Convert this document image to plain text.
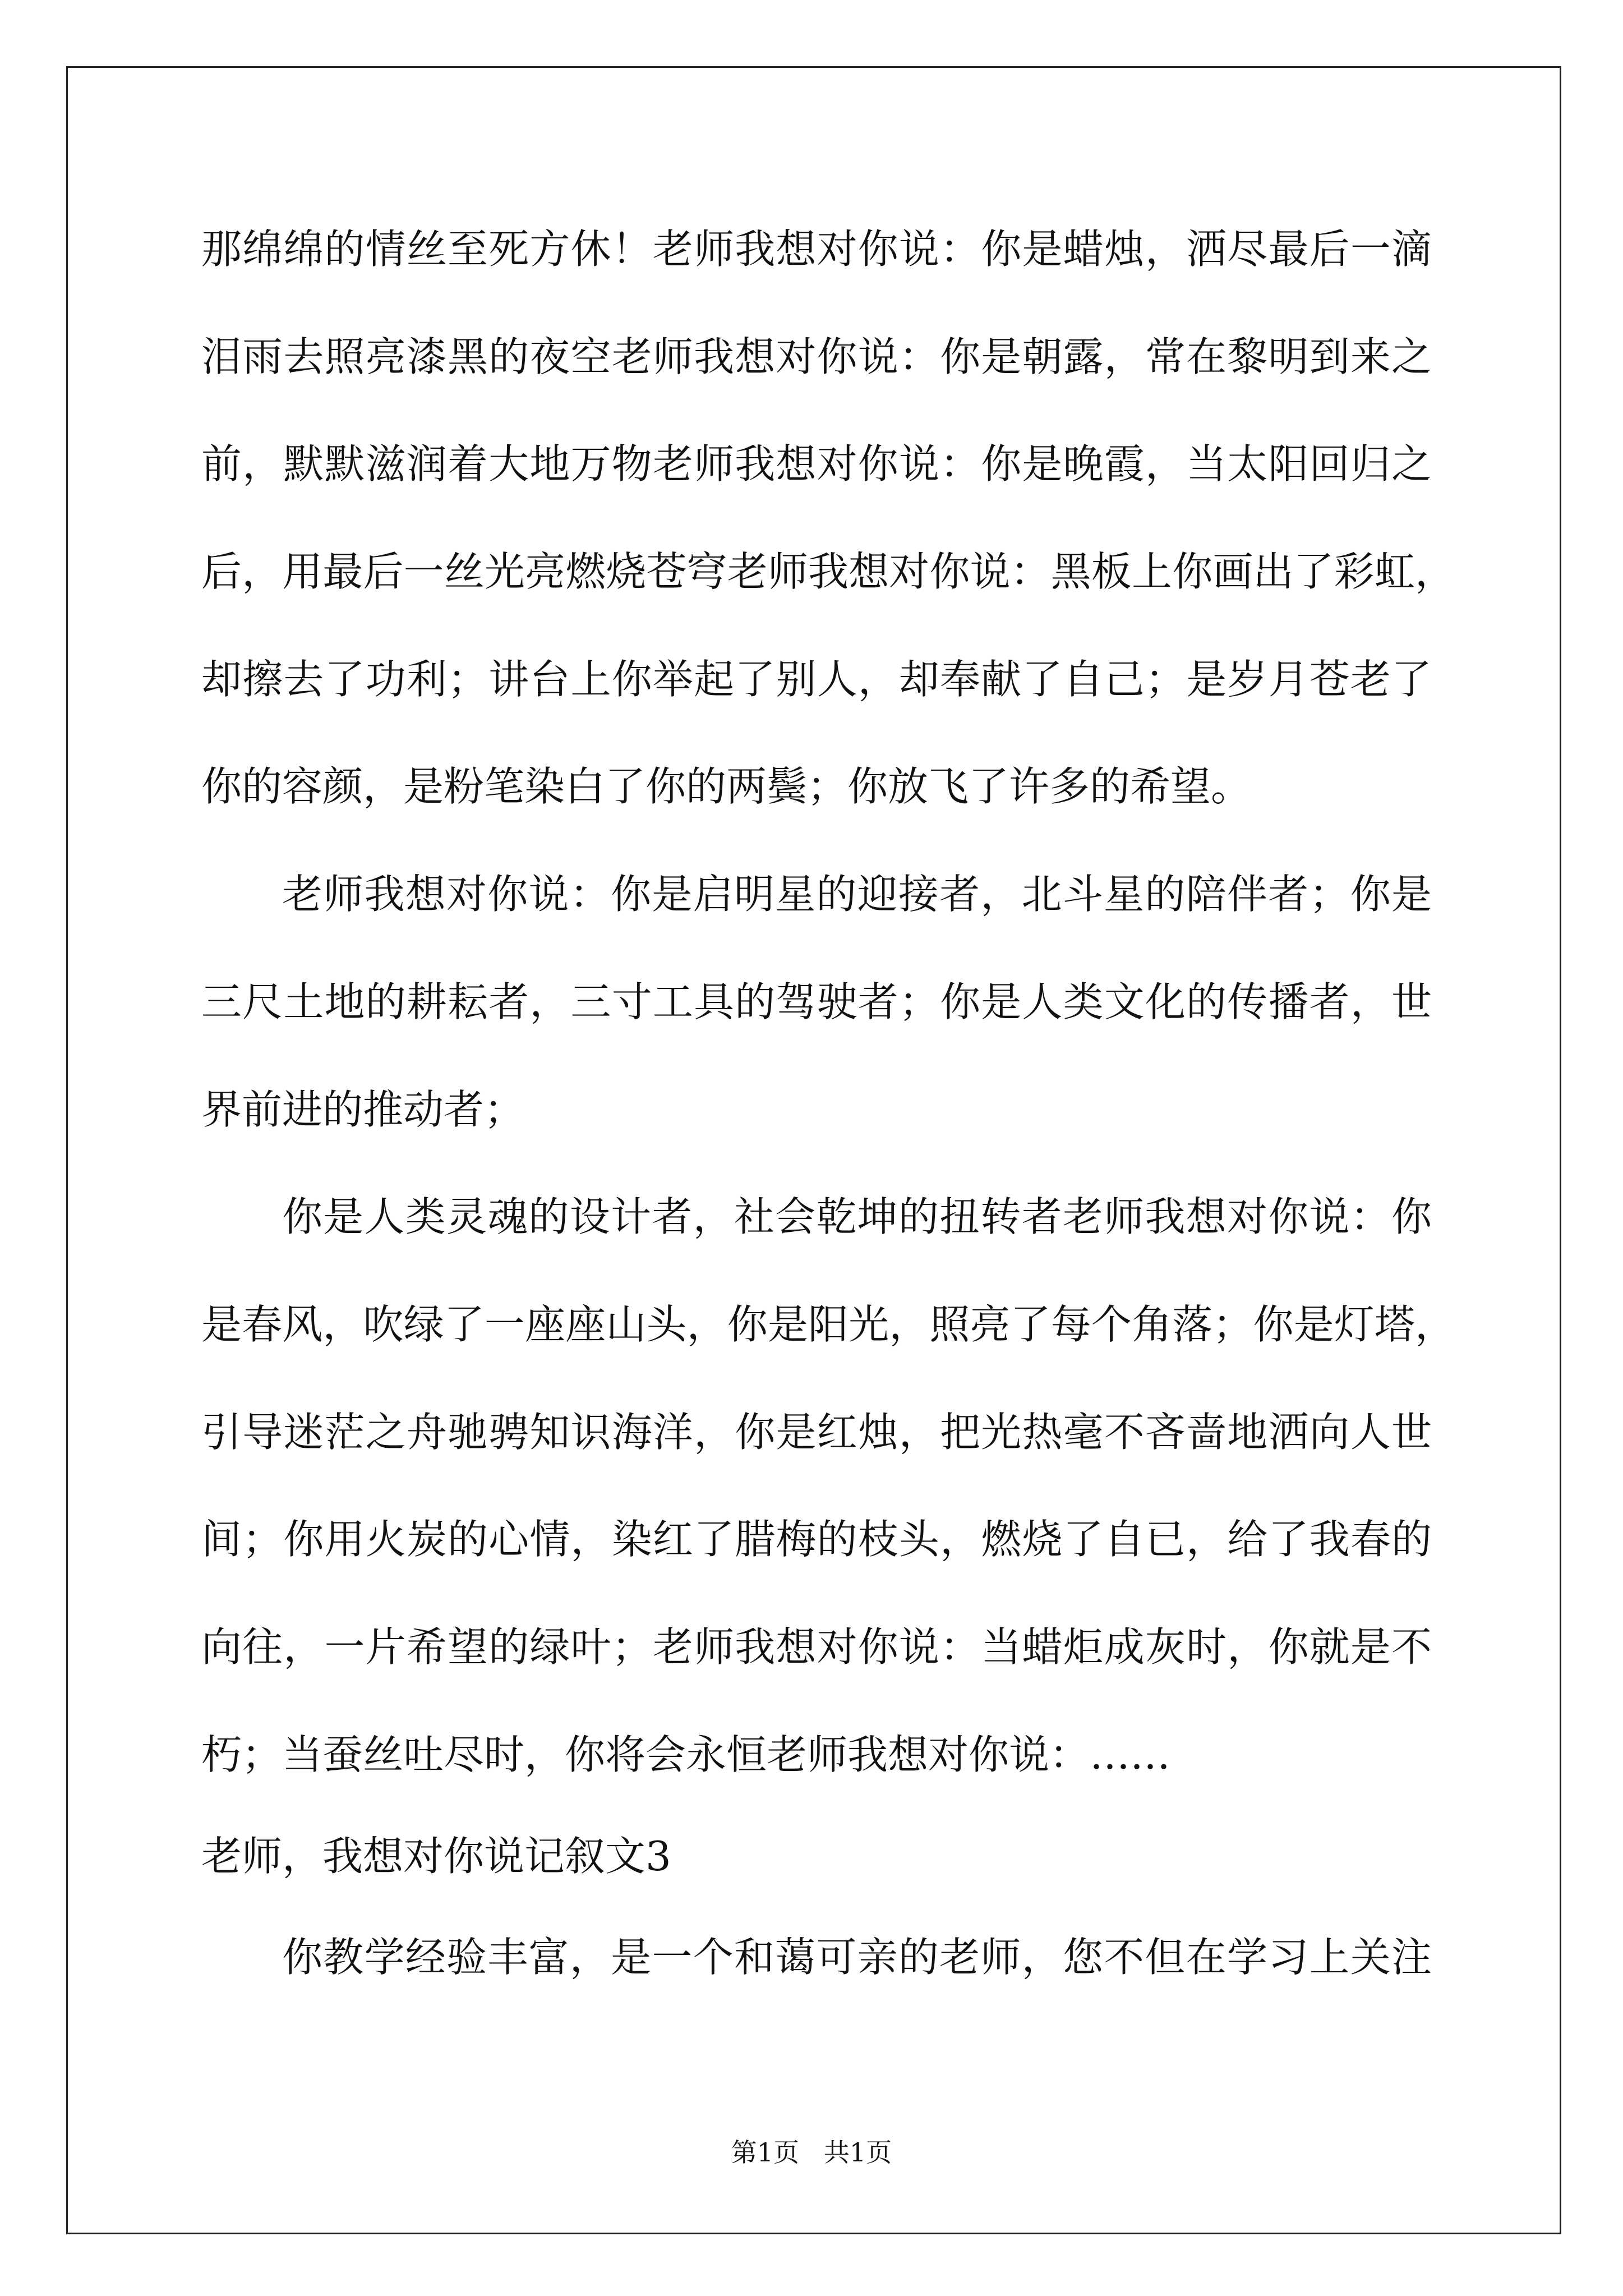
那绵绵的情丝至死方休！老师我想对你说：你是蜡烛，洒尽最后一滴
泪雨去照亮漆黑的夜空老师我想对你说：你是朝露，常在黎明到来之
前，默默滋润着大地万物老师我想对你说：你是晚霞，当太阳回归之
后，用最后一丝光亮燃烧苍穹老师我想对你说：黑板上你画出了彩虹，
却擦去了功利；讲台上你举起了别人，却奉献了自己；是岁月苍老了
你的容颜，是粉笔染白了你的两鬓；你放飞了许多的希望。
老师我想对你说：你是启明星的迎接者，北斗星的陪伴者；你是
三尺土地的耕耘者，三寸工具的驾驶者；你是人类文化的传播者，世
界前进的推动者；
你是人类灵魂的设计者，社会乾坤的扭转者老师我想对你说：你
是春风，吹绿了一座座山头，你是阳光，照亮了每个角落；你是灯塔，
引导迷茫之舟驰骋知识海洋，你是红烛，把光热毫不吝啬地洒向人世
间；你用火炭的心情，染红了腊梅的枝头，燃烧了自已，给了我春的
向往，一片希望的绿叶；老师我想对你说：当蜡炬成灰时，你就是不
朽；当蚕丝吐尽时，你将会永恒老师我想对你说：……
老师，我想对你说记叙文3
你教学经验丰富，是一个和蔼可亲的老师，您不但在学习上关注
第1页   共1页
